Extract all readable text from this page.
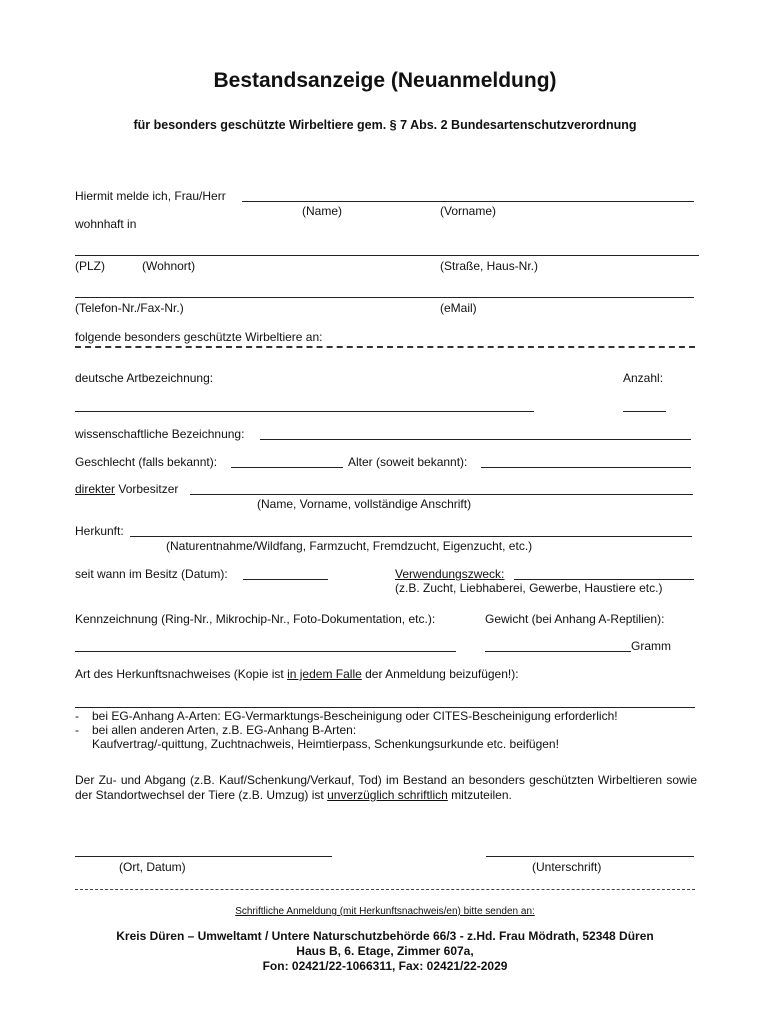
Bestandsanzeige (Neuanmeldung)
für besonders geschützte Wirbeltiere gem. § 7 Abs. 2 Bundesartenschutzverordnung
Hiermit melde ich, Frau/Herr
(Name)	(Vorname)
wohnhaft in
(PLZ)	(Wohnort)	(Straße, Haus-Nr.)
(Telefon-Nr./Fax-Nr.)	(eMail)
folgende besonders geschützte Wirbeltiere an:
deutsche Artbezeichnung:	Anzahl:
wissenschaftliche Bezeichnung:
Geschlecht (falls bekannt):	Alter (soweit bekannt):
direkter Vorbesitzer
(Name, Vorname, vollständige Anschrift)
Herkunft:
(Naturentnahme/Wildfang, Farmzucht, Fremdzucht, Eigenzucht, etc.)
seit wann im Besitz (Datum):	Verwendungszweck:
(z.B. Zucht, Liebhaberei, Gewerbe, Haustiere etc.)
Kennzeichnung (Ring-Nr., Mikrochip-Nr., Foto-Dokumentation, etc.):	Gewicht (bei Anhang A-Reptilien):
Gramm
Art des Herkunftsnachweises (Kopie ist in jedem Falle der Anmeldung beizufügen!):
- bei EG-Anhang A-Arten: EG-Vermarktungs-Bescheinigung oder CITES-Bescheinigung erforderlich!
- bei allen anderen Arten, z.B. EG-Anhang B-Arten:
Kaufvertrag/-quittung, Zuchtnachweis, Heimtierpass, Schenkungsurkunde etc. beifügen!
Der Zu- und Abgang (z.B. Kauf/Schenkung/Verkauf, Tod) im Bestand an besonders geschützten Wirbeltieren sowie der Standortwechsel der Tiere (z.B. Umzug) ist unverzüglich schriftlich mitzuteilen.
(Ort, Datum)	(Unterschrift)
Schriftliche Anmeldung (mit Herkunftsnachweis/en) bitte senden an:
Kreis Düren – Umweltamt / Untere Naturschutzbehörde 66/3 - z.Hd. Frau Mödrath, 52348 Düren
Haus B, 6. Etage, Zimmer 607a,
Fon: 02421/22-1066311, Fax: 02421/22-2029
